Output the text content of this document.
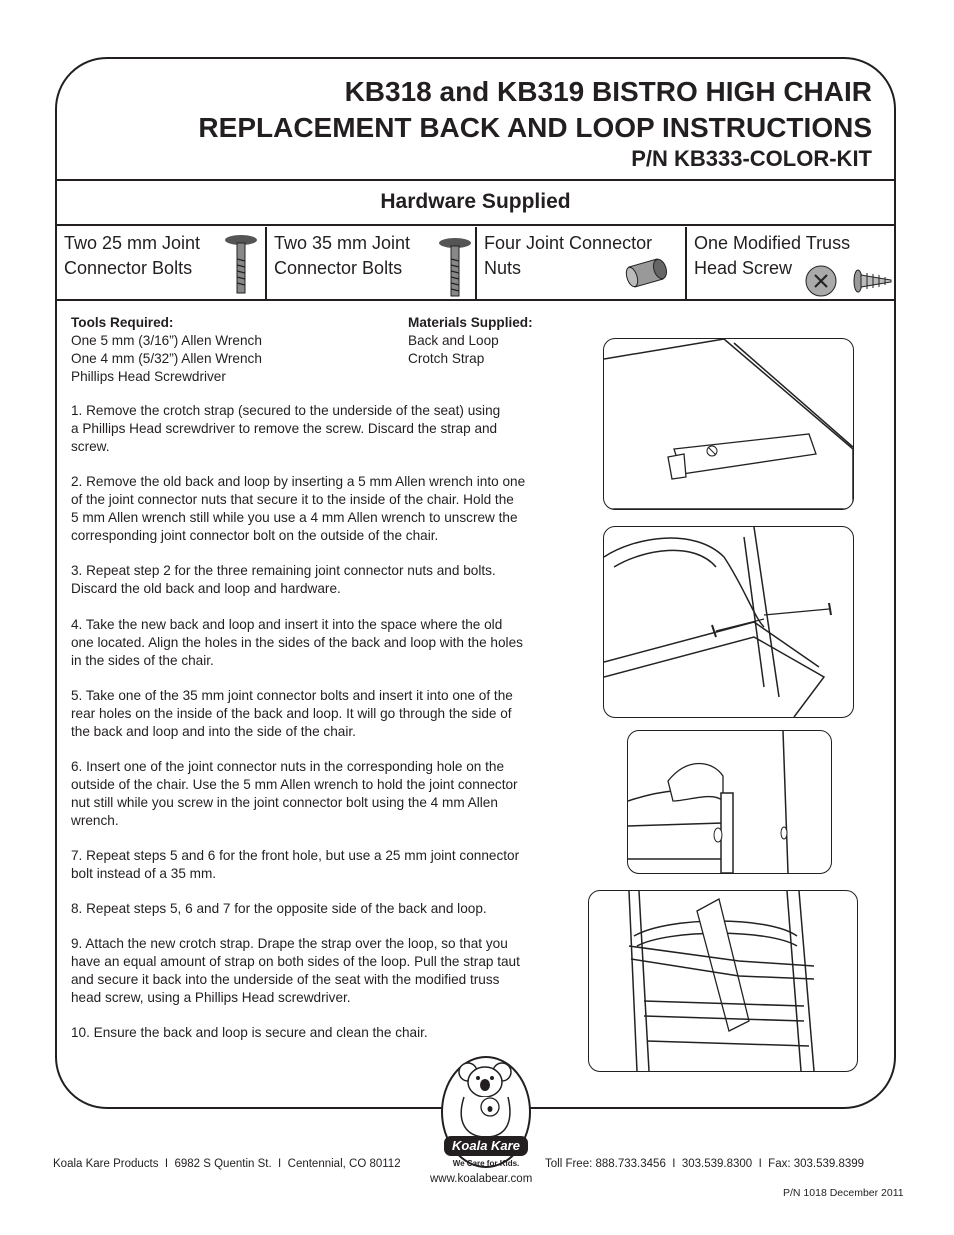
KB318 and KB319 BISTRO HIGH CHAIR
REPLACEMENT BACK AND LOOP INSTRUCTIONS
P/N KB333-COLOR-KIT
Hardware Supplied
Two 25 mm Joint
Connector Bolts
Two 35 mm Joint
Connector Bolts
Four Joint Connector
Nuts
One Modified Truss
Head Screw
Tools Required:
One 5 mm (3/16”) Allen Wrench
One 4 mm (5/32”) Allen Wrench
Phillips Head Screwdriver
Materials Supplied:
Back and Loop
Crotch Strap
1. Remove the crotch strap (secured to the underside of the seat) using
a Phillips Head screwdriver to remove the screw. Discard the strap and
screw.
2. Remove the old back and loop by inserting a 5 mm Allen wrench into one
of the joint connector nuts that secure it to the inside of the chair. Hold the
5 mm Allen wrench still while you use a 4 mm Allen wrench to unscrew the
corresponding joint connector bolt on the outside of the chair.
3. Repeat step 2 for the three remaining joint connector nuts and bolts.
Discard the old back and loop and hardware.
4. Take the new back and loop and insert it into the space where the old
one located. Align the holes in the sides of the back and loop with the holes
in the sides of the chair.
5. Take one of the 35 mm joint connector bolts and insert it into one of the
rear holes on the inside of the back and loop. It will go through the side of
the back and loop and into the side of the chair.
6. Insert one of the joint connector nuts in the corresponding hole on the
outside of the chair. Use the 5 mm Allen wrench to hold the joint connector
nut still while you screw in the joint connector bolt using the 4 mm Allen
wrench.
7. Repeat steps 5 and 6 for the front hole, but use a 25 mm joint connector
bolt instead of a 35 mm.
8. Repeat steps 5, 6 and 7 for the opposite side of the back and loop.
9. Attach the new crotch strap. Drape the strap over the loop, so that you
have an equal amount of strap on both sides of the loop. Pull the strap taut
and secure it back into the underside of the seat with the modified truss
head screw, using a Phillips Head screwdriver.
10. Ensure the back and loop is secure and clean the chair.
Koala Kare
We Care for Kids.
Koala Kare Products  I  6982 S Quentin St.  I  Centennial, CO 80112	Toll Free: 888.733.3456  I  303.539.8300  I  Fax: 303.539.8399
www.koalabear.com
P/N 1018 December 2011
